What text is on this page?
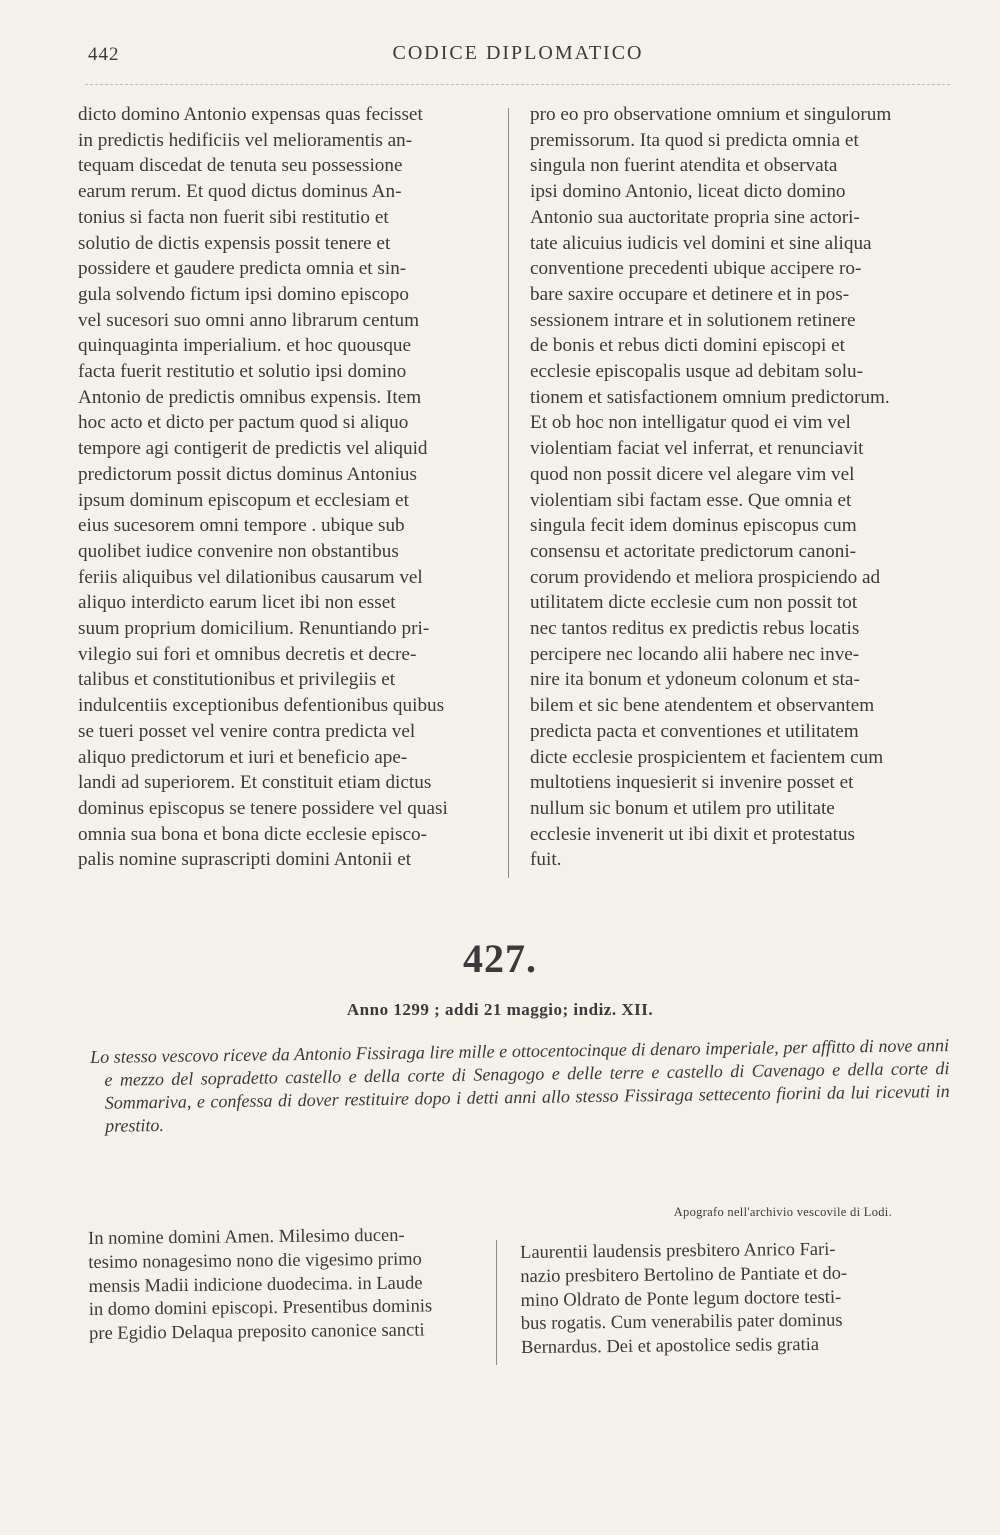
442	CODICE DIPLOMATICO
dicto domino Antonio expensas quas fecisset
in predictis hedificiis vel melioramentis an-
tequam discedat de tenuta seu possessione
earum rerum. Et quod dictus dominus An-
tonius si facta non fuerit sibi restitutio et
solutio de dictis expensis possit tenere et
possidere et gaudere predicta omnia et sin-
gula solvendo fictum ipsi domino episcopo
vel sucesori suo omni anno librarum centum
quinquaginta imperialium. et hoc quousque
facta fuerit restitutio et solutio ipsi domino
Antonio de predictis omnibus expensis. Item
hoc acto et dicto per pactum quod si aliquo
tempore agi contigerit de predictis vel aliquid
predictorum possit dictus dominus Antonius
ipsum dominum episcopum et ecclesiam et
eius sucesorem omni tempore . ubique sub
quolibet iudice convenire non obstantibus
feriis aliquibus vel dilationibus causarum vel
aliquo interdicto earum licet ibi non esset
suum proprium domicilium. Renuntiando pri-
vilegio sui fori et omnibus decretis et decre-
talibus et constitutionibus et privilegiis et
indulcentiis exceptionibus defentionibus quibus
se tueri posset vel venire contra predicta vel
aliquo predictorum et iuri et beneficio ape-
landi ad superiorem. Et constituit etiam dictus
dominus episcopus se tenere possidere vel quasi
omnia sua bona et bona dicte ecclesie episco-
palis nomine suprascripti domini Antonii et
pro eo pro observatione omnium et singulorum
premissorum. Ita quod si predicta omnia et
singula non fuerint atendita et observata
ipsi domino Antonio, liceat dicto domino
Antonio sua auctoritate propria sine actori-
tate alicuius iudicis vel domini et sine aliqua
conventione precedenti ubique accipere ro-
bare saxire occupare et detinere et in pos-
sessionem intrare et in solutionem retinere
de bonis et rebus dicti domini episcopi et
ecclesie episcopalis usque ad debitam solu-
tionem et satisfactionem omnium predictorum.
Et ob hoc non intelligatur quod ei vim vel
violentiam faciat vel inferrat, et renunciavit
quod non possit dicere vel alegare vim vel
violentiam sibi factam esse. Que omnia et
singula fecit idem dominus episcopus cum
consensu et actoritate predictorum canoni-
corum providendo et meliora prospiciendo ad
utilitatem dicte ecclesie cum non possit tot
nec tantos reditus ex predictis rebus locatis
percipere nec locando alii habere nec inve-
nire ita bonum et ydoneum colonum et sta-
bilem et sic bene atendentem et observantem
predicta pacta et conventiones et utilitatem
dicte ecclesie prospicientem et facientem cum
multotiens inquesierit si invenire posset et
nullum sic bonum et utilem pro utilitate
ecclesie invenerit ut ibi dixit et protestatus
fuit.
427.
Anno 1299 ; addi 21 maggio; indiz. XII.
Lo stesso vescovo riceve da Antonio Fissiraga lire mille e ottocentocinque di denaro imperiale, per affitto di nove anni e mezzo del sopradetto castello e della corte di Senagogo e delle terre e castello di Cavenago e della corte di Sommariva, e confessa di dover restituire dopo i detti anni allo stesso Fissiraga settecento fiorini da lui ricevuti in prestito.
Apografo nell'archivio vescovile di Lodi.
In nomine domini Amen. Milesimo ducen-
tesimo nonagesimo nono die vigesimo primo
mensis Madii indicione duodecima. in Laude
in domo domini episcopi. Presentibus dominis
pre Egidio Delaqua preposito canonice sancti
Laurentii laudensis presbitero Anrico Fari-
nazio presbitero Bertolino de Pantiate et do-
mino Oldrato de Ponte legum doctore testi-
bus rogatis. Cum venerabilis pater dominus
Bernardus. Dei et apostolice sedis gratia
